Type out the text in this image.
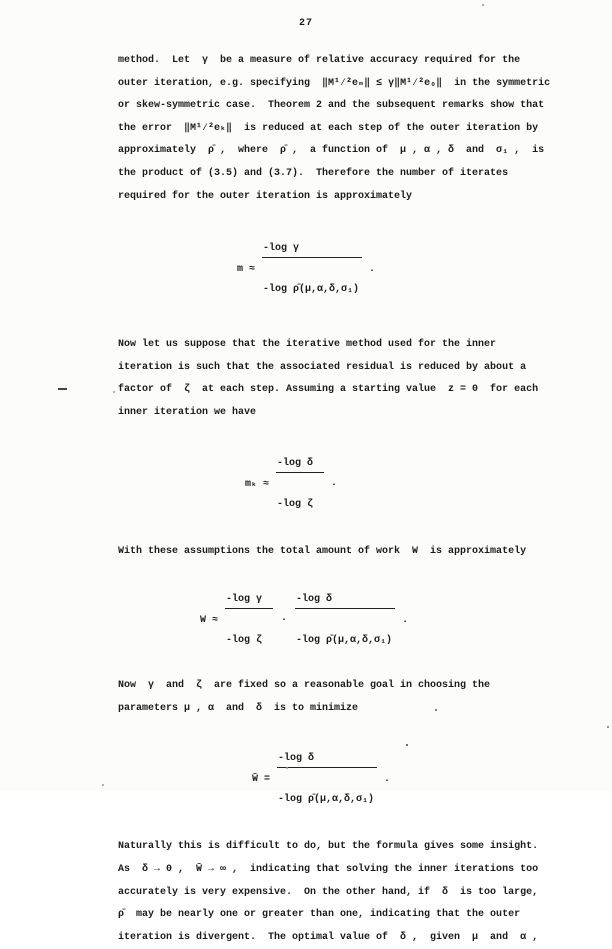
27
method.  Let  γ  be a measure of relative accuracy required for the
outer iteration, e.g. specifying  ‖M¹⁄²eₘ‖ ≤ γ‖M¹⁄²e₀‖  in the symmetric
or skew-symmetric case.  Theorem 2 and the subsequent remarks show that
the error  ‖M¹⁄²eₖ‖  is reduced at each step of the outer iteration by
approximately  ρ̄ ,  where  ρ̄ ,  a function of  μ , α , δ  and  σ₁ ,  is
the product of (3.5) and (3.7).  Therefore the number of iterates
required for the outer iteration is approximately
m ≈

$\frac{\text{-log γ}}{\text{-log ρ̄(μ,α,δ,σ₁)}}$

.
Now let us suppose that the iterative method used for the inner
iteration is such that the associated residual is reduced by about a
factor of  ζ  at each step. Assuming a starting value  z = 0  for each
inner iteration we have
mₖ ≈

$\frac{\text{-log δ}}{\text{-log ζ}}$

.
With these assumptions the total amount of work  W  is approximately
W ≈

$\frac{\text{-log γ}}{\text{-log ζ}}$

·

$\frac{\text{-log δ}}{\text{-log ρ̄(μ,α,δ,σ₁)}}$

.
Now  γ  and  ζ  are fixed so a reasonable goal in choosing the
parameters μ , α  and  δ  is to minimize
W̄ =

$\frac{\text{-log δ}}{\text{-log ρ̄(μ,α,δ,σ₁)}}$

.
Naturally this is difficult to do, but the formula gives some insight.
As  δ → 0 ,  W̄ → ∞ ,  indicating that solving the inner iterations too
accurately is very expensive.  On the other hand, if  δ  is too large,
ρ̄  may be nearly one or greater than one, indicating that the outer
iteration is divergent.  The optimal value of  δ ,  given  μ  and  α ,
